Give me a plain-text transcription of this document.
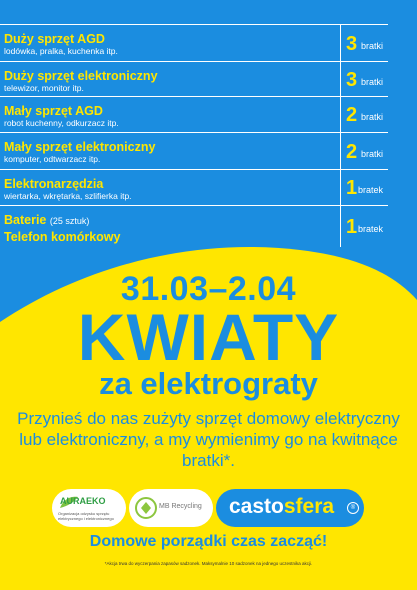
Duży sprzęt AGD
lodówka, pralka, kuchenka itp.	3 bratki
Duży sprzęt elektroniczny
telewizor, monitor itp.	3 bratki
Mały sprzęt AGD
robot kuchenny, odkurzacz itp.	2 bratki
Mały sprzęt elektroniczny
komputer, odtwarzacz itp.	2 bratki
Elektronarzędzia
wiertarka, wkrętarka, szlifierka itp.	1 bratek
Baterie (25 sztuk)
Telefon komórkowy	1 bratek
31.03–2.04
KWIATY
za elektrograty
Przynieś do nas zużyty sprzęt domowy elektryczny lub elektroniczny, a my wymienimy go na kwitnące bratki*.
AURAEKO
Organizacja odzysku sprzętu elektrycznego i elektronicznego
MB Recycling castosfera	®
Domowe porządki czas zacząć!
*Akcja trwa do wyczerpania zapasów sadzonek. Maksymalnie 10 sadzonek na jednego uczestnika akcji.
